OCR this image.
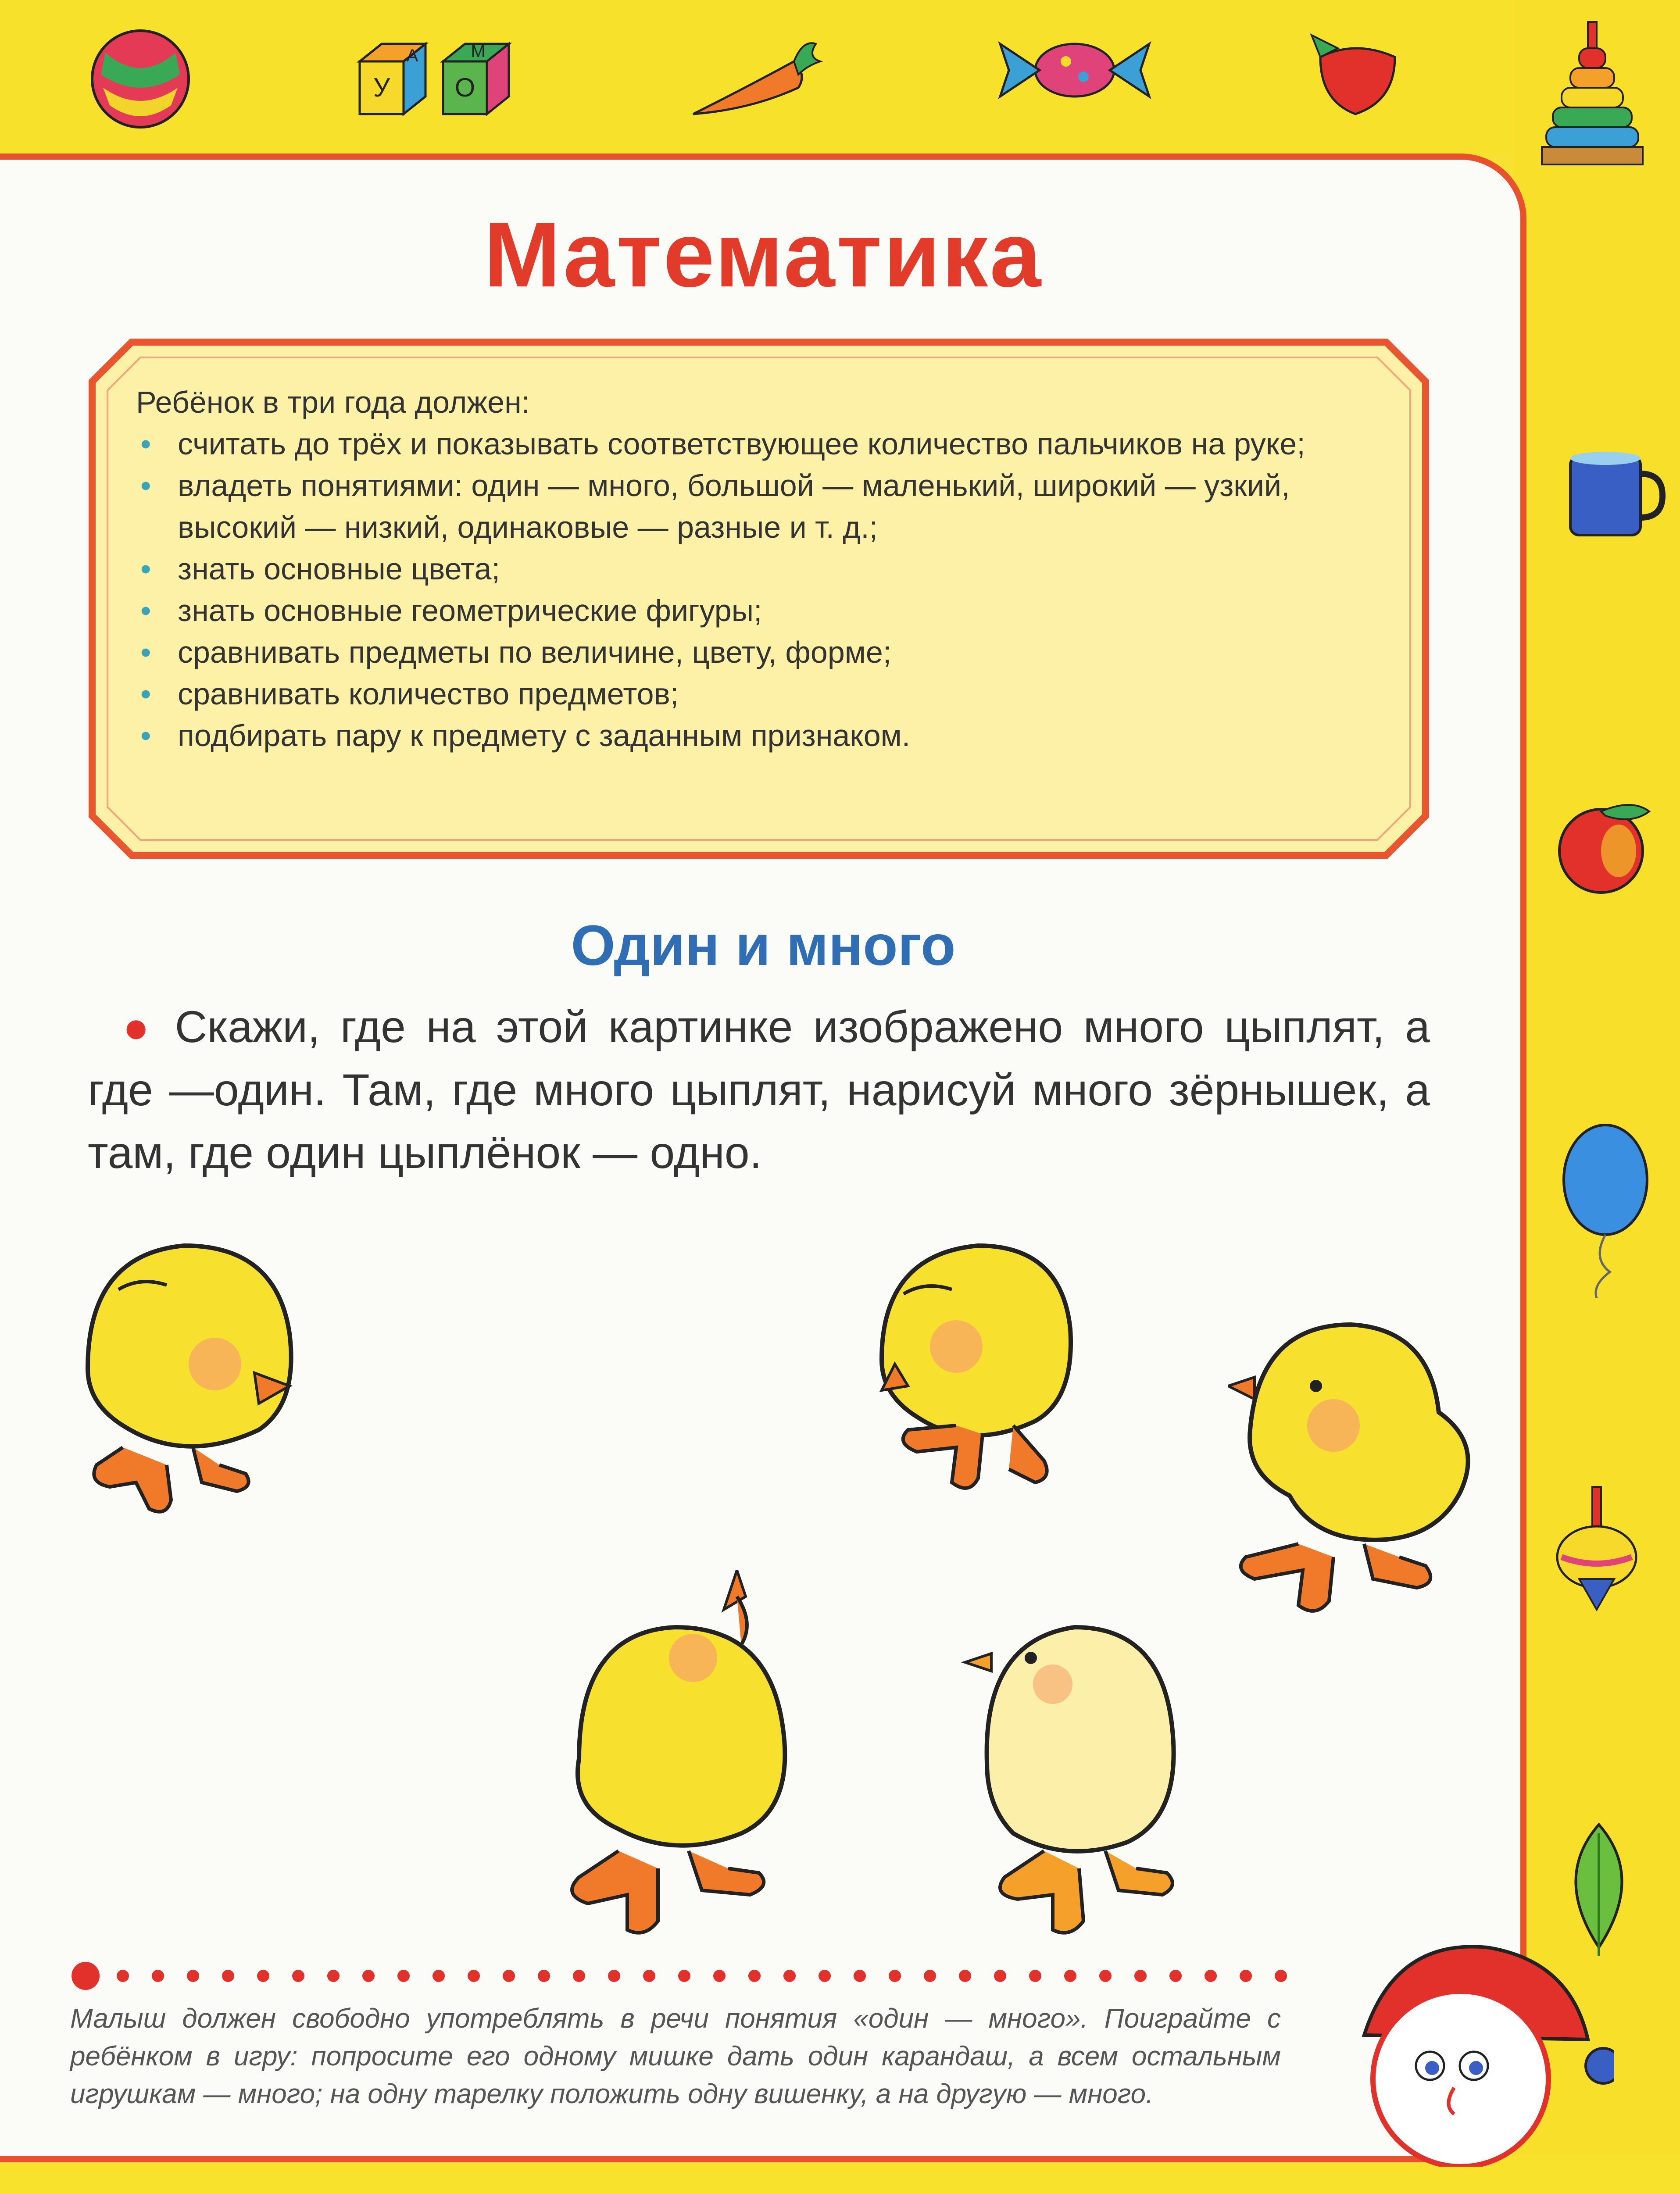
У
А
О
М
Математика
Ребёнок в три года должен:
• считать до трёх и показывать соответствующее количество пальчиков на руке;
• владеть понятиями: один — много, большой — маленький, широкий — узкий, высокий — низкий, одинаковые — разные и т. д.;
• знать основные цвета;
• знать основные геометрические фигуры;
• сравнивать предметы по величине, цвету, форме;
• сравнивать количество предметов;
• подбирать пару к предмету с заданным признаком.
Один и много
● Скажи, где на этой картинке изображено много цыплят, а где —один. Там, где много цыплят, нарисуй много зёрнышек, а там, где один цыплёнок — одно.
Малыш должен свободно употреблять в речи понятия «один — много». Поиграйте с ребёнком в игру: попросите его одному мишке дать один карандаш, а всем остальным игрушкам — много; на одну тарелку положить одну вишенку, а на другую — много.
